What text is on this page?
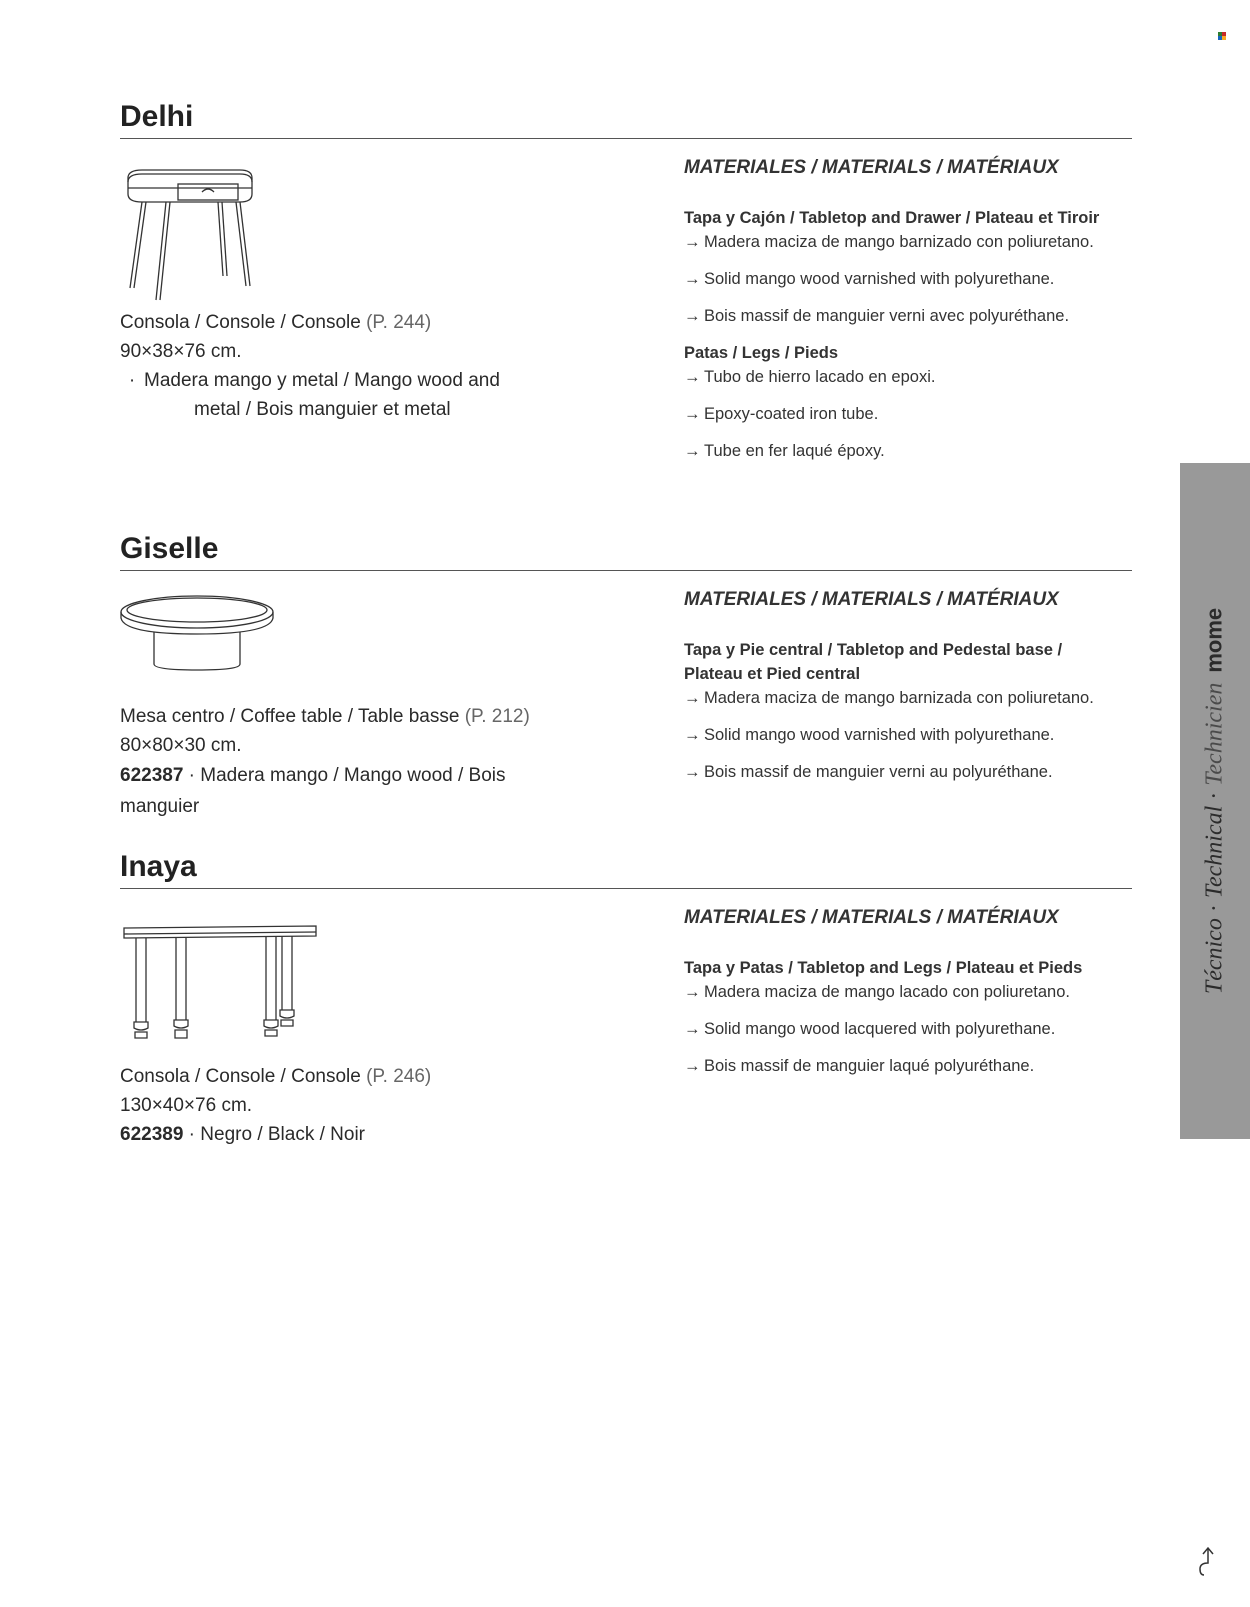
Delhi
Consola / Console / Console (P. 244)
90×38×76 cm.
· Madera mango y metal / Mango wood and
metal / Bois manguier et metal

MATERIALES / MATERIALS / MATÉRIAUX

Tapa y Cajón / Tabletop and Drawer / Plateau et Tiroir

→ Madera maciza de mango barnizado con poliuretano.
→ Solid mango wood varnished with polyurethane.
→ Bois massif de manguier verni avec polyuréthane.

Patas / Legs / Pieds

→ Tubo de hierro lacado en epoxi.
→ Epoxy-coated iron tube.
→ Tube en fer laqué époxy.
Giselle
Mesa centro / Coffee table / Table basse (P. 212)
80×80×30 cm.
622387 · Madera mango / Mango wood / Bois manguier

MATERIALES / MATERIALS / MATÉRIAUX

Tapa y Pie central / Tabletop and Pedestal base /

Plateau et Pied central

→ Madera maciza de mango barnizada con poliuretano.
→ Solid mango wood varnished with polyurethane.
→ Bois massif de manguier verni au polyuréthane.
Inaya
Consola / Console / Console (P. 246)
130×40×76 cm.
622389 · Negro / Black / Noir

MATERIALES / MATERIALS / MATÉRIAUX

Tapa y Patas / Tabletop and Legs / Plateau et Pieds

→ Madera maciza de mango lacado con poliuretano.
→ Solid mango wood lacquered with polyurethane.
→ Bois massif de manguier laqué polyuréthane.
Técnico · Technical · Technicienmome
